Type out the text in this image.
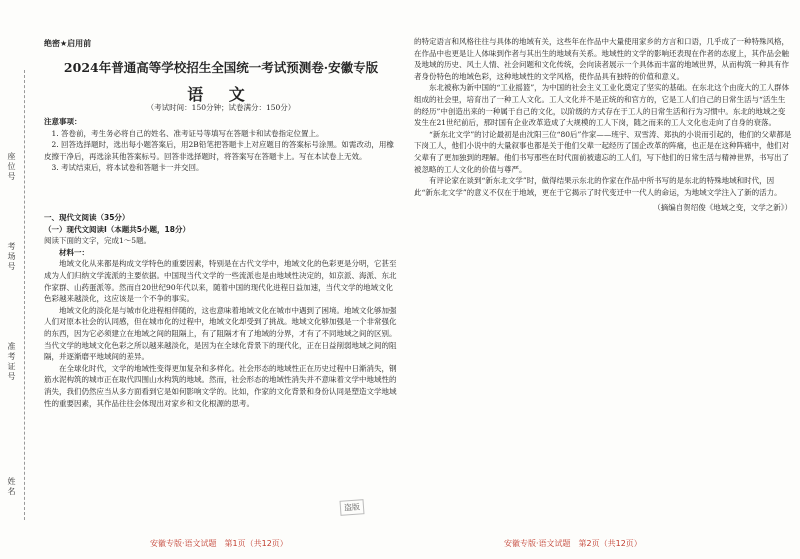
座位号
考场号
准考证号
姓名
绝密★启用前
2024年普通高等学校招生全国统一考试预测卷·安徽专版
语 文
（考试时间：150分钟；试卷满分：150分）

注意事项：

1. 答卷前，考生务必将自己的姓名、准考证号等填写在答题卡和试卷指定位置上。

2. 回答选择题时，选出每小题答案后，用2B铅笔把答题卡上对应题目的答案标号涂黑。如需改动，用橡皮擦干净后，再选涂其他答案标号。回答非选择题时，将答案写在答题卡上。写在本试卷上无效。

3. 考试结束后，将本试卷和答题卡一并交回。

一、现代文阅读（35分）

（一）现代文阅读Ⅰ（本题共5小题，18分）

阅读下面的文字，完成1～5题。

材料一：

地域文化从来都是构成文学特色的重要因素，特别是在古代文学中，地域文化的色彩更是分明，它甚至成为人们归纳文学流派的主要依据。中国现当代文学的一些流派也是由地域性决定的，如京派、海派、东北作家群、山药蛋派等。然而自20世纪90年代以来，随着中国的现代化进程日益加速，当代文学的地域文化色彩越来越淡化，这应该是一个不争的事实。

地域文化的淡化是与城市化进程相伴随的，这也意味着地域文化在城市中遇到了困境。地域文化够加强人们对原本社会的认同感，但在城市化的过程中，地域文化却受到了挑战。地域文化够加强是一个非常强化的东西，因为它必须建立在地域之间的阻隔上，有了阻隔才有了地域的分界，才有了不同地域之间的区别。当代文学的地域文化色彩之所以越来越淡化，是因为在全球化背景下的现代化，正在日益削弱地域之间的阻隔，并逐渐磨平地域间的差异。

在全球化时代，文学的地域性变得更加复杂和多样化。社会形态的地域性正在历史过程中日渐消失，钢筋水泥构筑的城市正在取代四围山水构筑的地域。然而，社会形态的地域性消失并不意味着文学中地域性的消失，我们仍然应当从多方面看到它是如何影响文学的。比如，作家的文化背景和身份认同是塑造文学地域性的重要因素，其作品往往会体现出对家乡和文化根源的思考。

盗版
安徽专版·语文试题　第1页（共12页）

的特定语言和风格往往与具体的地域有关，这些年在作品中大量使用家乡的方言和口语，几乎成了一种特殊风格，在作品中也更是让人体味到作者与其出生的地域有关系。地域性的文学的影响还表现在作者的态度上，其作品会触及地域的历史、风土人情、社会问题和文化传统，会向读者展示一个具体而丰富的地域世界，从而构筑一种具有作者身份特色的地域色彩，这种地域性的文学风格，使作品具有独特的价值和意义。

东北被称为新中国的“工业摇篮”，为中国的社会主义工业化奠定了坚实的基础。在东北这个由庞大的工人群体组成的社会里，培育出了一种工人文化。工人文化并不是正统的和官方的，它是工人们自己的日常生活与“活生生的经历”中创造出来的一种属于自己的文化，以阶级的方式存在于工人的日常生活和行为习惯中。东北的地域之变发生在21世纪前后，那时国有企业改革造成了大规模的工人下岗，随之而来的工人文化也走向了自身的衰落。

“新东北文学”的讨论最初是由沈阳三位“80后”作家——班宇、双雪涛、郑执的小说而引起的，他们的父辈都是下岗工人，他们小说中的大量叙事也都是关于他们父辈一起经历了国企改革的阵痛，也正是在这种阵痛中，他们对父辈有了更加独到的理解。他们书写那些在时代面前被遗忘的工人们，写下他们的日常生活与精神世界，书写出了被忽略的工人文化的价值与尊严。

有评论家在谈到“新东北文学”时，做得结果示东北的作家在作品中所书写的是东北的特殊地域和时代，因此“新东北文学”的意义不仅在于地域，更在于它揭示了时代变迁中一代人的命运，为地域文学注入了新的活力。

（摘编自贺绍俊《地域之变，文学之新》）

安徽专版·语文试题　第2页（共12页）
